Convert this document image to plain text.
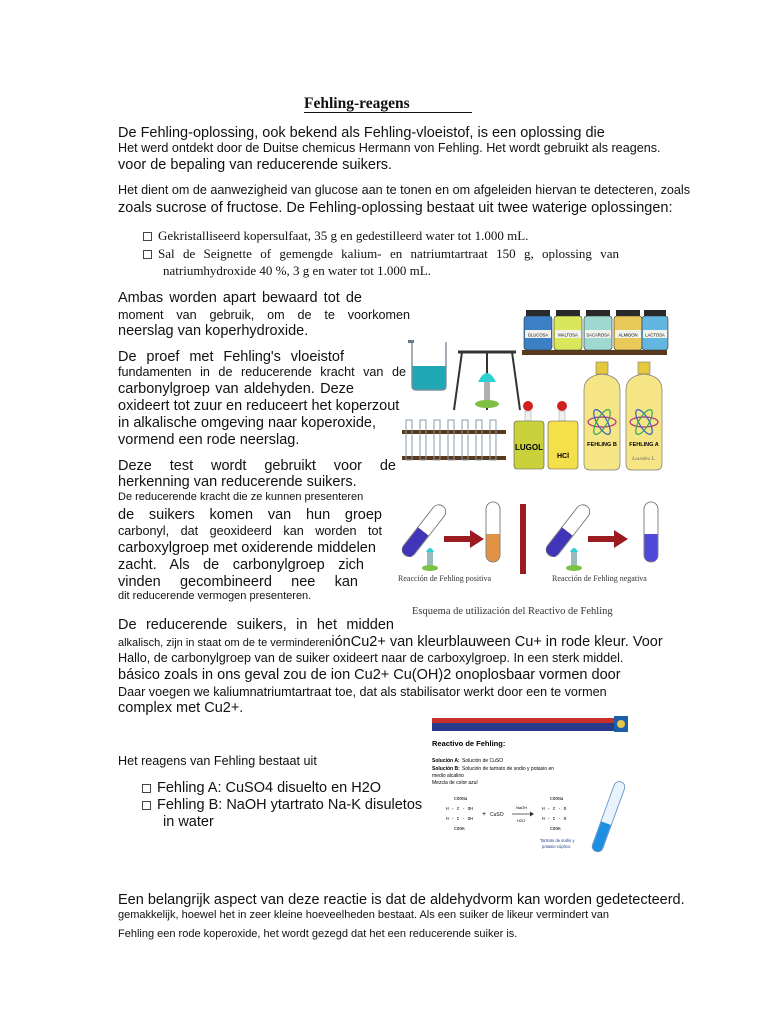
Fehling-reagens
De Fehling-oplossing, ook bekend als Fehling-vloeistof, is een oplossing die
Het werd ontdekt door de Duitse chemicus Hermann von Fehling. Het wordt gebruikt als reagens.
voor de bepaling van reducerende suikers.
Het dient om de aanwezigheid van glucose aan te tonen en om afgeleiden hiervan te detecteren, zoals
zoals sucrose of fructose. De Fehling-oplossing bestaat uit twee waterige oplossingen:
Gekristalliseerd kopersulfaat, 35 g en gedestilleerd water tot 1.000 mL.
Sal de Seignette of gemengde kalium- en natriumtartraat 150 g, oplossing van
natriumhydroxide 40 %, 3 g en water tot 1.000 mL.
Ambas worden apart bewaard tot de
moment van gebruik, om de te voorkomen
neerslag van koperhydroxide.
De proef met Fehling's vloeistof
fundamenten in de reducerende kracht van de
carbonylgroep van aldehyden. Deze
oxideert tot zuur en reduceert het koperzout
in alkalische omgeving naar koperoxide,
vormend een rode neerslag.
Deze test wordt gebruikt voor de
herkenning van reducerende suikers.
De reducerende kracht die ze kunnen presenteren
de suikers komen van hun groep
carbonyl, dat geoxideerd kan worden tot
carboxylgroep met oxiderende middelen
zacht. Als de carbonylgroep zich
vinden gecombineerd nee kan
dit reducerende vermogen presenteren.
De reducerende suikers, in het midden
alkalisch, zijn in staat om de te vermindereniónCu2+ van kleurblauween Cu+ in rode kleur. Voor
Hallo, de carbonylgroep van de suiker oxideert naar de carboxylgroep. In een sterk middel.
básico zoals in ons geval zou de ion Cu2+ Cu(OH)2 onoplosbaar vormen door
Daar voegen we kaliumnatriumtartraat toe, dat als stabilisator werkt door een te vormen
complex met Cu2+.
Het reagens van Fehling bestaat uit
Fehling A: CuSO4 disuelto en H2O
Fehling B: NaOH ytartrato Na-K disuletos
in water
Een belangrijk aspect van deze reactie is dat de aldehydvorm kan worden gedetecteerd.
gemakkelijk, hoewel het in zeer kleine hoeveelheden bestaat. Als een suiker de likeur vermindert van
Fehling een rode koperoxide, het wordt gezegd dat het een reducerende suiker is.
GLUCOSA MALTOSA SACAROSA ALMIDON LACTOSA
LUGOL
HCl
FEHLING B FEHLING A
Lourdes L.
Reacción de Fehling positiva	Reacción de Fehling negativa
Esquema de utilización del Reactivo de Fehling
Reactivo de Fehling:
Solución A: Solución de CuSO
Solución B: Solución de tartrato de sodio y potasio en
medio alcalino
Mezcla de color azul
COONa
H - C - OH
H - C - OH
COOK
+ CuSO
NaOH
H2O
COONa
H - C - O
H - C - O
COOK
Tartrato de sodio y
potasio-cúprico
